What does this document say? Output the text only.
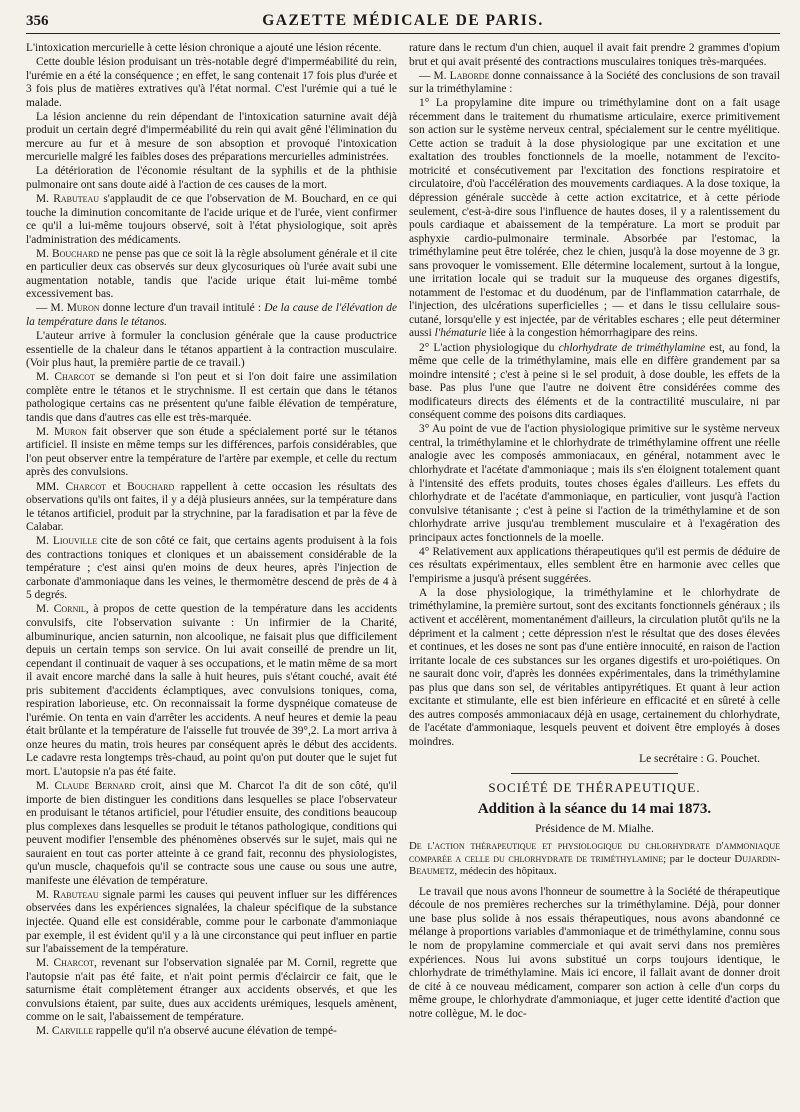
356	GAZETTE MÉDICALE DE PARIS.

L'intoxication mercurielle à cette lésion chronique a ajouté une lésion récente.

Cette double lésion produisant un très-notable degré d'imperméabilité du rein, l'urémie en a été la conséquence ; en effet, le sang contenait 17 fois plus d'urée et 3 fois plus de matières extratives qu'à l'état normal. C'est l'urémie qui a tué le malade.

La lésion ancienne du rein dépendant de l'intoxication saturnine avait déjà produit un certain degré d'imperméabilité du rein qui avait gêné l'élimination du mercure au fur et à mesure de son absoption et provoqué l'intoxication mercurielle malgré les faibles doses des préparations mercurielles administrées.

La détérioration de l'économie résultant de la syphilis et de la phthisie pulmonaire ont sans doute aidé à l'action de ces causes de la mort.

M. Rabuteau s'applaudit de ce que l'observation de M. Bouchard, en ce qui touche la diminution concomitante de l'acide urique et de l'urée, vient confirmer ce qu'il a lui-même toujours observé, soit à l'état physiologique, soit après l'administration des médicaments.

M. Bouchard ne pense pas que ce soit là la règle absolument générale et il cite en particulier deux cas observés sur deux glycosuriques où l'urée avait subi une augmentation notable, tandis que l'acide urique était lui-même tombé excessivement bas.

— M. Muron donne lecture d'un travail intitulé : De la cause de l'élévation de la température dans le tétanos.

L'auteur arrive à formuler la conclusion générale que la cause productrice essentielle de la chaleur dans le tétanos appartient à la contraction musculaire. (Voir plus haut, la première partie de ce travail.)

M. Charcot se demande si l'on peut et si l'on doit faire une assimilation complète entre le tétanos et le strychnisme. Il est certain que dans le tétanos pathologique certains cas ne présentent qu'une faible élévation de température, tandis que dans d'autres cas elle est très-marquée.

M. Muron fait observer que son étude a spécialement porté sur le tétanos artificiel. Il insiste en même temps sur les différences, parfois considérables, que l'on peut observer entre la température de l'artère par exemple, et celle du rectum après des convulsions.

MM. Charcot et Bouchard rappellent à cette occasion les résultats des observations qu'ils ont faites, il y a déjà plusieurs années, sur la température dans le tétanos artificiel, produit par la strychnine, par la faradisation et par la fève de Calabar.

M. Liouville cite de son côté ce fait, que certains agents produisent à la fois des contractions toniques et cloniques et un abaissement considérable de la température ; c'est ainsi qu'en moins de deux heures, après l'injection de carbonate d'ammoniaque dans les veines, le thermomètre descend de près de 4 à 5 degrés.

M. Cornil, à propos de cette question de la température dans les accidents convulsifs, cite l'observation suivante : Un infirmier de la Charité, albuminurique, ancien saturnin, non alcoolique, ne faisait plus que difficilement depuis un certain temps son service. On lui avait conseillé de prendre un lit, cependant il continuait de vaquer à ses occupations, et le matin même de sa mort il avait encore marché dans la salle à huit heures, puis s'étant couché, avait été pris subitement d'accidents éclamptiques, avec convulsions toniques, coma, respiration laborieuse, etc. On reconnaissait la forme dyspnéique comateuse de l'urémie. On tenta en vain d'arrêter les accidents. A neuf heures et demie la peau était brûlante et la température de l'aisselle fut trouvée de 39°,2. La mort arriva à onze heures du matin, trois heures par conséquent après le début des accidents. Le cadavre resta longtemps très-chaud, au point qu'on put douter que le sujet fut mort. L'autopsie n'a pas été faite.

M. Claude Bernard croit, ainsi que M. Charcot l'a dit de son côté, qu'il importe de bien distinguer les conditions dans lesquelles se place l'observateur en produisant le tétanos artificiel, pour l'étudier ensuite, des conditions beaucoup plus complexes dans lesquelles se produit le tétanos pathologique, conditions qui peuvent modifier l'ensemble des phénomènes observés sur le sujet, mais qui ne sauraient en tout cas porter atteinte à ce grand fait, reconnu des physiologistes, qu'un muscle, chaquefois qu'il se contracte sous une cause ou sous une autre, manifeste une élévation de température.

M. Rabuteau signale parmi les causes qui peuvent influer sur les différences observées dans les expériences signalées, la chaleur spécifique de la substance injectée. Quand elle est considérable, comme pour le carbonate d'ammoniaque par exemple, il est évident qu'il y a là une circonstance qui peut influer en partie sur l'abaissement de la température.

M. Charcot, revenant sur l'observation signalée par M. Cornil, regrette que l'autopsie n'ait pas été faite, et n'ait point permis d'éclaircir ce fait, que le saturnisme était complètement étranger aux accidents observés, et que les convulsions étaient, par suite, dues aux accidents urémiques, lesquels amènent, comme on le sait, l'abaissement de température.

M. Carville rappelle qu'il n'a observé aucune élévation de tempé-

rature dans le rectum d'un chien, auquel il avait fait prendre 2 grammes d'opium brut et qui avait présenté des contractions musculaires toniques très-marquées.

— M. Laborde donne connaissance à la Société des conclusions de son travail sur la triméthylamine :

1° La propylamine dite impure ou triméthylamine dont on a fait usage récemment dans le traitement du rhumatisme articulaire, exerce primitivement son action sur le système nerveux central, spécialement sur le centre myélitique. Cette action se traduit à la dose physiologique par une excitation et une exaltation des troubles fonctionnels de la moelle, notamment de l'excito-motricité et consécutivement par l'excitation des fonctions respiratoire et circulatoire, d'où l'accélération des mouvements cardiaques. A la dose toxique, la dépression générale succède à cette action excitatrice, et à cette période seulement, c'est-à-dire sous l'influence de hautes doses, il y a ralentissement du pouls cardiaque et abaissement de la température. La mort se produit par asphyxie cardio-pulmonaire terminale. Absorbée par l'estomac, la triméthylamine peut être tolérée, chez le chien, jusqu'à la dose moyenne de 3 gr. sans provoquer le vomissement. Elle détermine localement, surtout à la longue, une irritation locale qui se traduit sur la muqueuse des organes digestifs, notamment de l'estomac et du duodénum, par de l'inflammation catarrhale, de l'injection, des ulcérations superficielles ; — et dans le tissu cellulaire sous-cutané, lorsqu'elle y est injectée, par de véritables eschares ; elle peut déterminer aussi l'hématurie liée à la congestion hémorrhagipare des reins.

2° L'action physiologique du chlorhydrate de triméthylamine est, au fond, la même que celle de la triméthylamine, mais elle en diffère grandement par sa moindre intensité ; c'est à peine si le sel produit, à dose double, les effets de la base. Pas plus l'une que l'autre ne doivent être considérées comme des modificateurs directs des éléments et de la contractilité musculaire, ni par conséquent comme des poisons dits cardiaques.

3° Au point de vue de l'action physiologique primitive sur le système nerveux central, la triméthylamine et le chlorhydrate de triméthylamine offrent une réelle analogie avec les composés ammoniacaux, en général, notamment avec le chlorhydrate et l'acétate d'ammoniaque ; mais ils s'en éloignent totalement quant à l'intensité des effets produits, toutes choses égales d'ailleurs. Les effets du chlorhydrate et de l'acétate d'ammoniaque, en particulier, vont jusqu'à l'action convulsive tétanisante ; c'est à peine si l'action de la triméthylamine et de son chlorhydrate arrive jusqu'au tremblement musculaire et à l'exagération des principaux actes fonctionnels de la moelle.

4° Relativement aux applications thérapeutiques qu'il est permis de déduire de ces résultats expérimentaux, elles semblent être en harmonie avec celles que l'empirisme a jusqu'à présent suggérées.

A la dose physiologique, la triméthylamine et le chlorhydrate de triméthylamine, la première surtout, sont des excitants fonctionnels généraux ; ils activent et accélèrent, momentanément d'ailleurs, la circulation plutôt qu'ils ne la dépriment et la calment ; cette dépression n'est le résultat que des doses élevées et continues, et les doses ne sont pas d'une entière innocuité, en raison de l'action irritante locale de ces substances sur les organes digestifs et uro-poiétiques. On ne saurait donc voir, d'après les données expérimentales, dans la triméthylamine pas plus que dans son sel, de véritables antipyrétiques. Et quant à leur action excitante et stimulante, elle est bien inférieure en efficacité et en sûreté à celle des autres composés ammoniacaux déjà en usage, certainement du chlorhydrate, de l'acétate d'ammoniaque, lesquels peuvent et doivent être employés à doses moindres.

Le secrétaire : G. Pouchet.

SOCIÉTÉ DE THÉRAPEUTIQUE.
Addition à la séance du 14 mai 1873.
Présidence de M. Mialhe.

De l'action thérapeutique et physiologique du chlorhydrate d'ammoniaque comparée a celle du chlorhydrate de triméthylamine; par le docteur Dujardin-Beaumetz, médecin des hôpitaux.

Le travail que nous avons l'honneur de soumettre à la Société de thérapeutique découle de nos premières recherches sur la triméthylamine. Déjà, pour donner une base plus solide à nos essais thérapeutiques, nous avons abandonné ce mélange à proportions variables d'ammoniaque et de triméthylamine, connu sous le nom de propylamine commerciale et qui avait servi dans nos premières expériences. Nous lui avons substitué un corps toujours identique, le chlorhydrate de triméthylamine. Mais ici encore, il fallait avant de donner droit de cité à ce nouveau médicament, comparer son action à celle d'un corps du même groupe, le chlorhydrate d'ammoniaque, et juger cette identité d'action que notre collègue, M. le doc-
